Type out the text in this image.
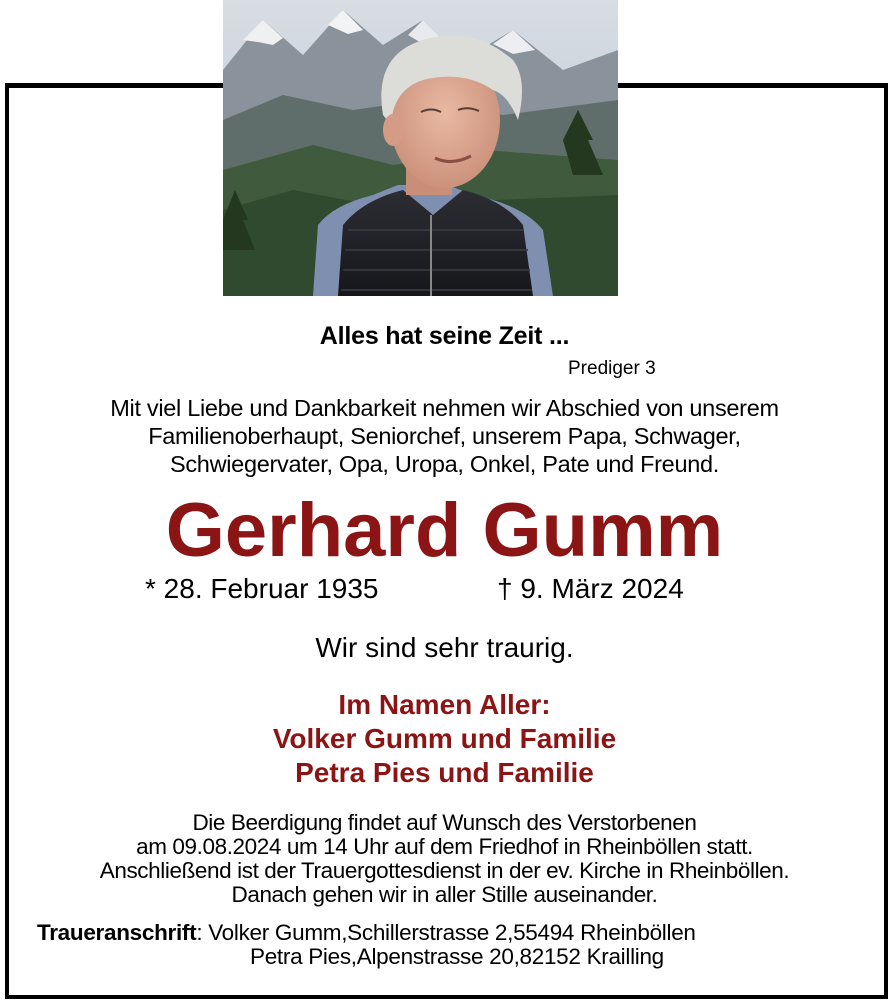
Alles hat seine Zeit ...
Prediger 3
Mit viel Liebe und Dankbarkeit nehmen wir Abschied von unserem
Familienoberhaupt, Seniorchef, unserem Papa, Schwager,
Schwiegervater, Opa, Uropa, Onkel, Pate und Freund.
Gerhard Gumm
* 28. Februar 1935	† 9. März 2024
Wir sind sehr traurig.
Im Namen Aller:
Volker Gumm und Familie
Petra Pies und Familie
Die Beerdigung findet auf Wunsch des Verstorbenen
am 09.08.2024 um 14 Uhr auf dem Friedhof in Rheinböllen statt.
Anschließend ist der Trauergottesdienst in der ev. Kirche in Rheinböllen.
Danach gehen wir in aller Stille auseinander.
Traueranschrift: Volker Gumm,Schillerstrasse 2,55494 Rheinböllen
Petra Pies,Alpenstrasse 20,82152 Krailling
